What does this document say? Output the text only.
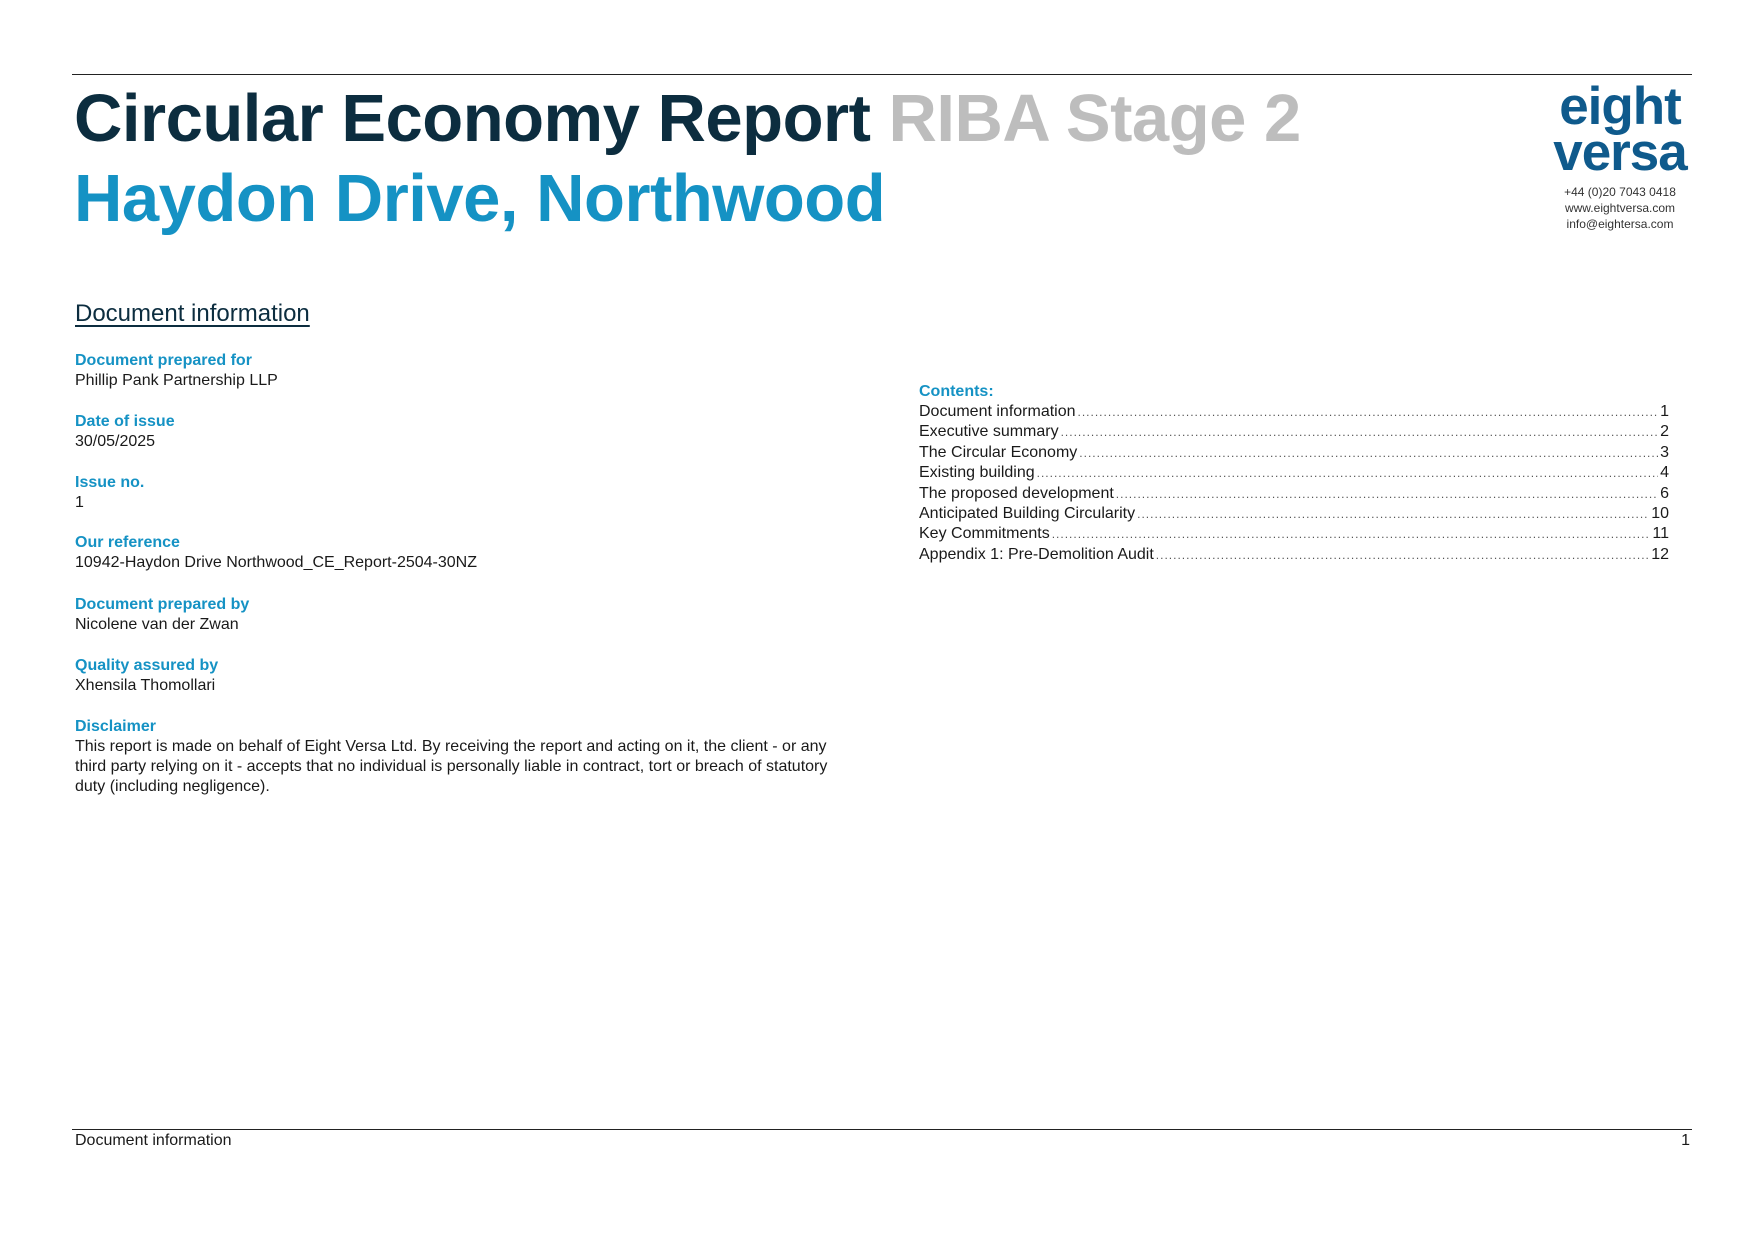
Circular Economy Report RIBA Stage 2
Haydon Drive, Northwood
eight
versa
+44 (0)20 7043 0418
www.eightversa.com
info@eightersa.com
Document information
Document prepared for
Phillip Pank Partnership LLP
Date of issue
30/05/2025
Issue no.
1
Our reference
10942-Haydon Drive Northwood_CE_Report-2504-30NZ
Document prepared by
Nicolene van der Zwan
Quality assured by
Xhensila Thomollari
Disclaimer
This report is made on behalf of Eight Versa Ltd. By receiving the report and acting on it, the client - or any third party relying on it - accepts that no individual is personally liable in contract, tort or breach of statutory duty (including negligence).
Contents:
Document information .....	1
Executive summary .....	2
The Circular Economy .....	3
Existing building .....	4
The proposed development .....	6
Anticipated Building Circularity .....	10
Key Commitments .....	11
Appendix 1: Pre-Demolition Audit .....	12
Document information	1
